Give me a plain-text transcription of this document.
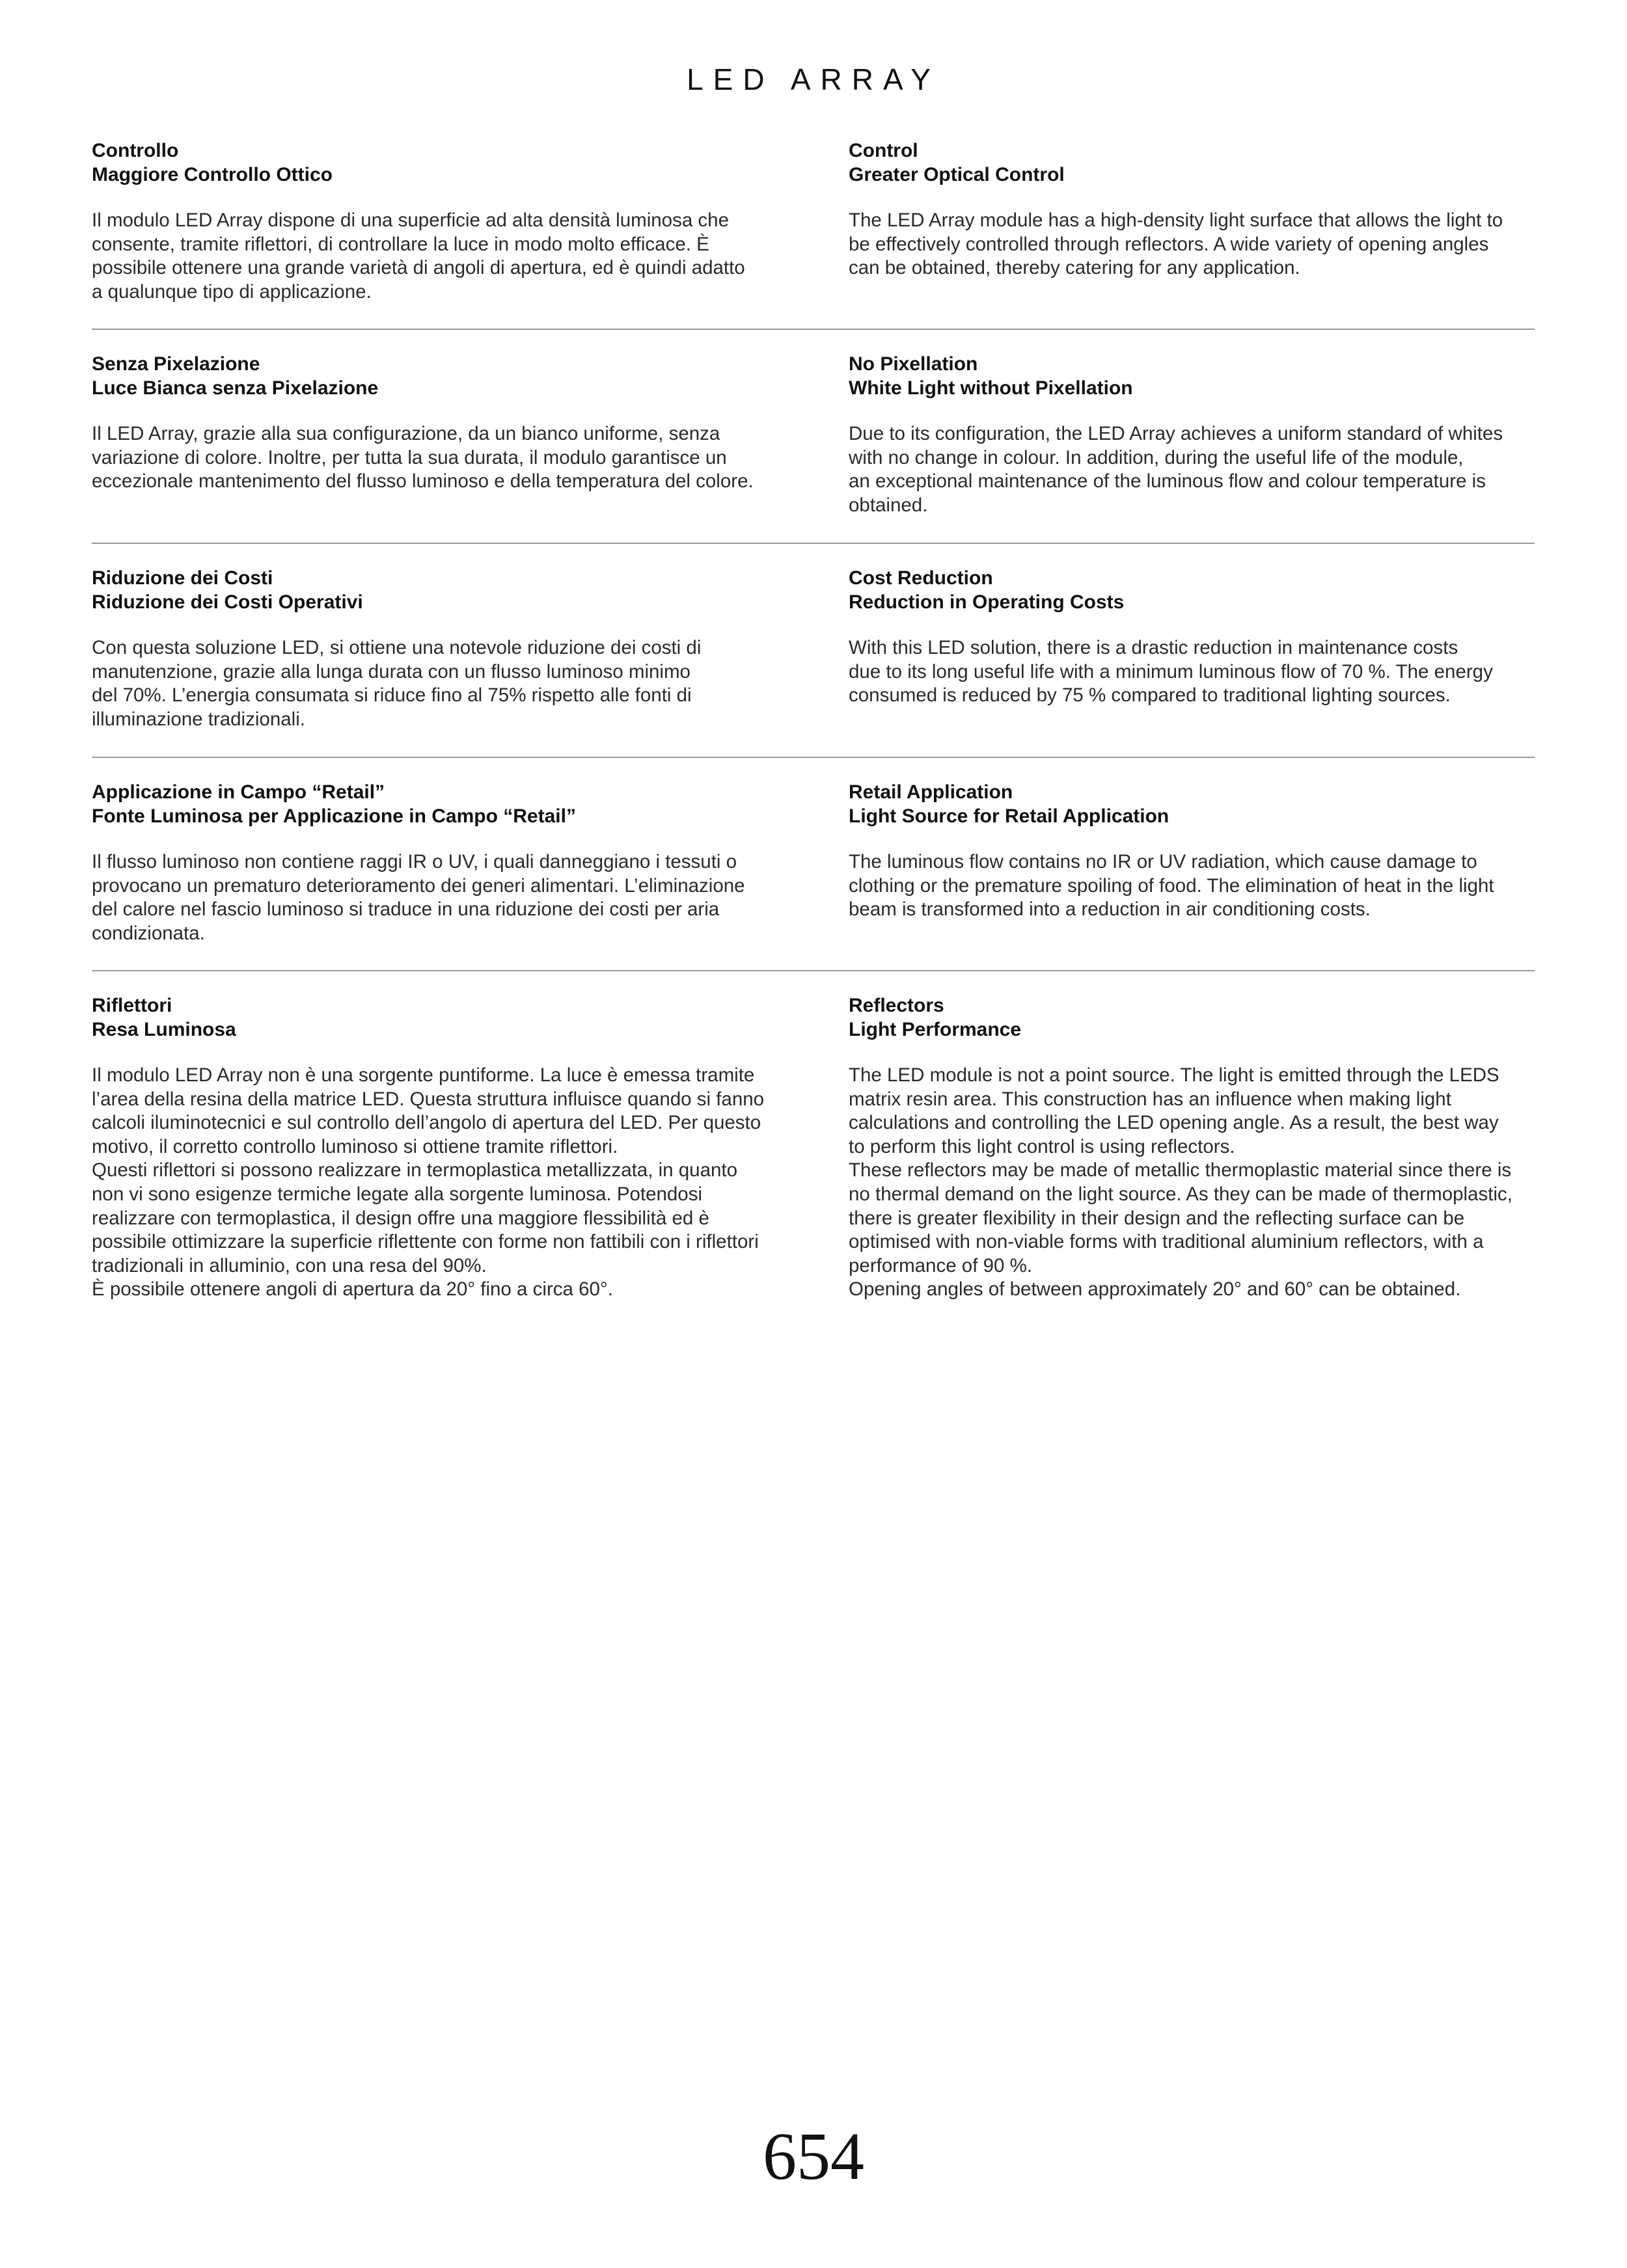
LED ARRAY

Controllo

Maggiore Controllo Ottico

Il modulo LED Array dispone di una superficie ad alta densità luminosa che
consente, tramite riflettori, di controllare la luce in modo molto efficace. È
possibile ottenere una grande varietà di angoli di apertura, ed è quindi adatto
a qualunque tipo di applicazione.

Control

Greater Optical Control

The LED Array module has a high-density light surface that allows the light to
be effectively controlled through reflectors. A wide variety of opening angles
can be obtained, thereby catering for any application.

Senza Pixelazione

Luce Bianca senza Pixelazione

Il LED Array, grazie alla sua configurazione, da un bianco uniforme, senza
variazione di colore. Inoltre, per tutta la sua durata, il modulo garantisce un
eccezionale mantenimento del flusso luminoso e della temperatura del colore.

No Pixellation

White Light without Pixellation

Due to its configuration, the LED Array achieves a uniform standard of whites
with no change in colour. In addition, during the useful life of the module,
an exceptional maintenance of the luminous flow and colour temperature is
obtained.

Riduzione dei Costi

Riduzione dei Costi Operativi

Con questa soluzione LED, si ottiene una notevole riduzione dei costi di
manutenzione, grazie alla lunga durata con un flusso luminoso minimo
del 70%. L’energia consumata si riduce fino al 75% rispetto alle fonti di
illuminazione tradizionali.

Cost Reduction

Reduction in Operating Costs

With this LED solution, there is a drastic reduction in maintenance costs
due to its long useful life with a minimum luminous flow of 70 %. The energy
consumed is reduced by 75 % compared to traditional lighting sources.

Applicazione in Campo “Retail”

Fonte Luminosa per Applicazione in Campo “Retail”

Il flusso luminoso non contiene raggi IR o UV, i quali danneggiano i tessuti o
provocano un prematuro deterioramento dei generi alimentari. L’eliminazione
del calore nel fascio luminoso si traduce in una riduzione dei costi per aria
condizionata.

Retail Application

Light Source for Retail Application

The luminous flow contains no IR or UV radiation, which cause damage to
clothing or the premature spoiling of food. The elimination of heat in the light
beam is transformed into a reduction in air conditioning costs.

Riflettori

Resa Luminosa

Il modulo LED Array non è una sorgente puntiforme. La luce è emessa tramite
l’area della resina della matrice LED. Questa struttura influisce quando si fanno
calcoli iluminotecnici e sul controllo dell’angolo di apertura del LED. Per questo
motivo, il corretto controllo luminoso si ottiene tramite riflettori.
Questi riflettori si possono realizzare in termoplastica metallizzata, in quanto
non vi sono esigenze termiche legate alla sorgente luminosa. Potendosi
realizzare con termoplastica, il design offre una maggiore flessibilità ed è
possibile ottimizzare la superficie riflettente con forme non fattibili con i riflettori
tradizionali in alluminio, con una resa del 90%.
È possibile ottenere angoli di apertura da 20° fino a circa 60°.

Reflectors

Light Performance

The LED module is not a point source. The light is emitted through the LEDS
matrix resin area. This construction has an influence when making light
calculations and controlling the LED opening angle. As a result, the best way
to perform this light control is using reflectors.
These reflectors may be made of metallic thermoplastic material since there is
no thermal demand on the light source. As they can be made of thermoplastic,
there is greater flexibility in their design and the reflecting surface can be
optimised with non-viable forms with traditional aluminium reflectors, with a
performance of 90 %.
Opening angles of between approximately 20° and 60° can be obtained.
654
